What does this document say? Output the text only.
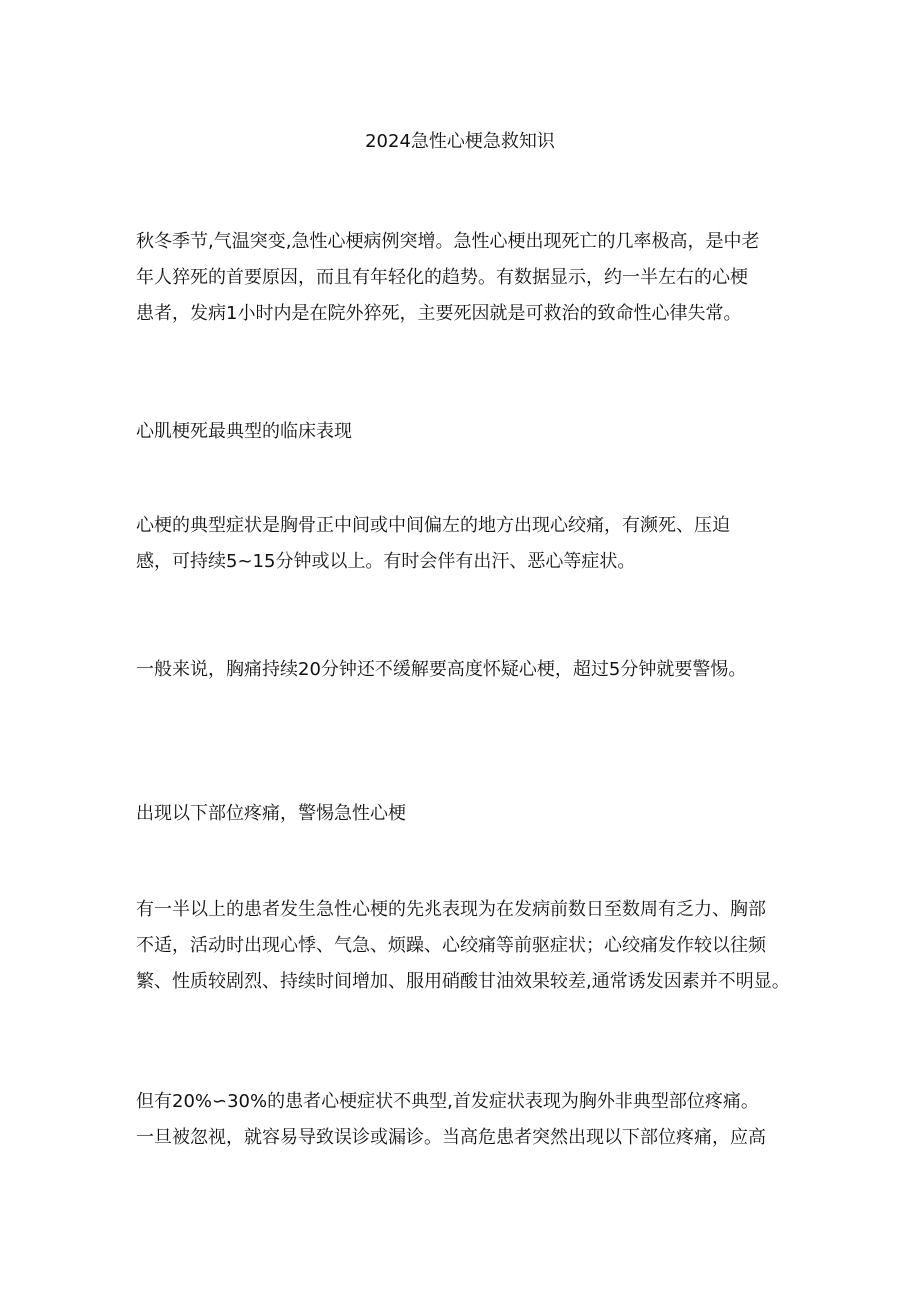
2024急性心梗急救知识

秋冬季节,气温突变,急性心梗病例突增。急性心梗出现死亡的几率极高，是中老
年人猝死的首要原因，而且有年轻化的趋势。有数据显示，约一半左右的心梗
患者，发病1小时内是在院外猝死，主要死因就是可救治的致命性心律失常。

心肌梗死最典型的临床表现

心梗的典型症状是胸骨正中间或中间偏左的地方出现心绞痛，有濒死、压迫
感，可持续5~15分钟或以上。有时会伴有出汗、恶心等症状。

一般来说，胸痛持续20分钟还不缓解要高度怀疑心梗，超过5分钟就要警惕。

出现以下部位疼痛，警惕急性心梗

有一半以上的患者发生急性心梗的先兆表现为在发病前数日至数周有乏力、胸部
不适，活动时出现心悸、气急、烦躁、心绞痛等前驱症状；心绞痛发作较以往频
繁、性质较剧烈、持续时间增加、服用硝酸甘油效果较差,通常诱发因素并不明显。

但有20%∽30%的患者心梗症状不典型,首发症状表现为胸外非典型部位疼痛。
一旦被忽视，就容易导致误诊或漏诊。当高危患者突然出现以下部位疼痛，应高
